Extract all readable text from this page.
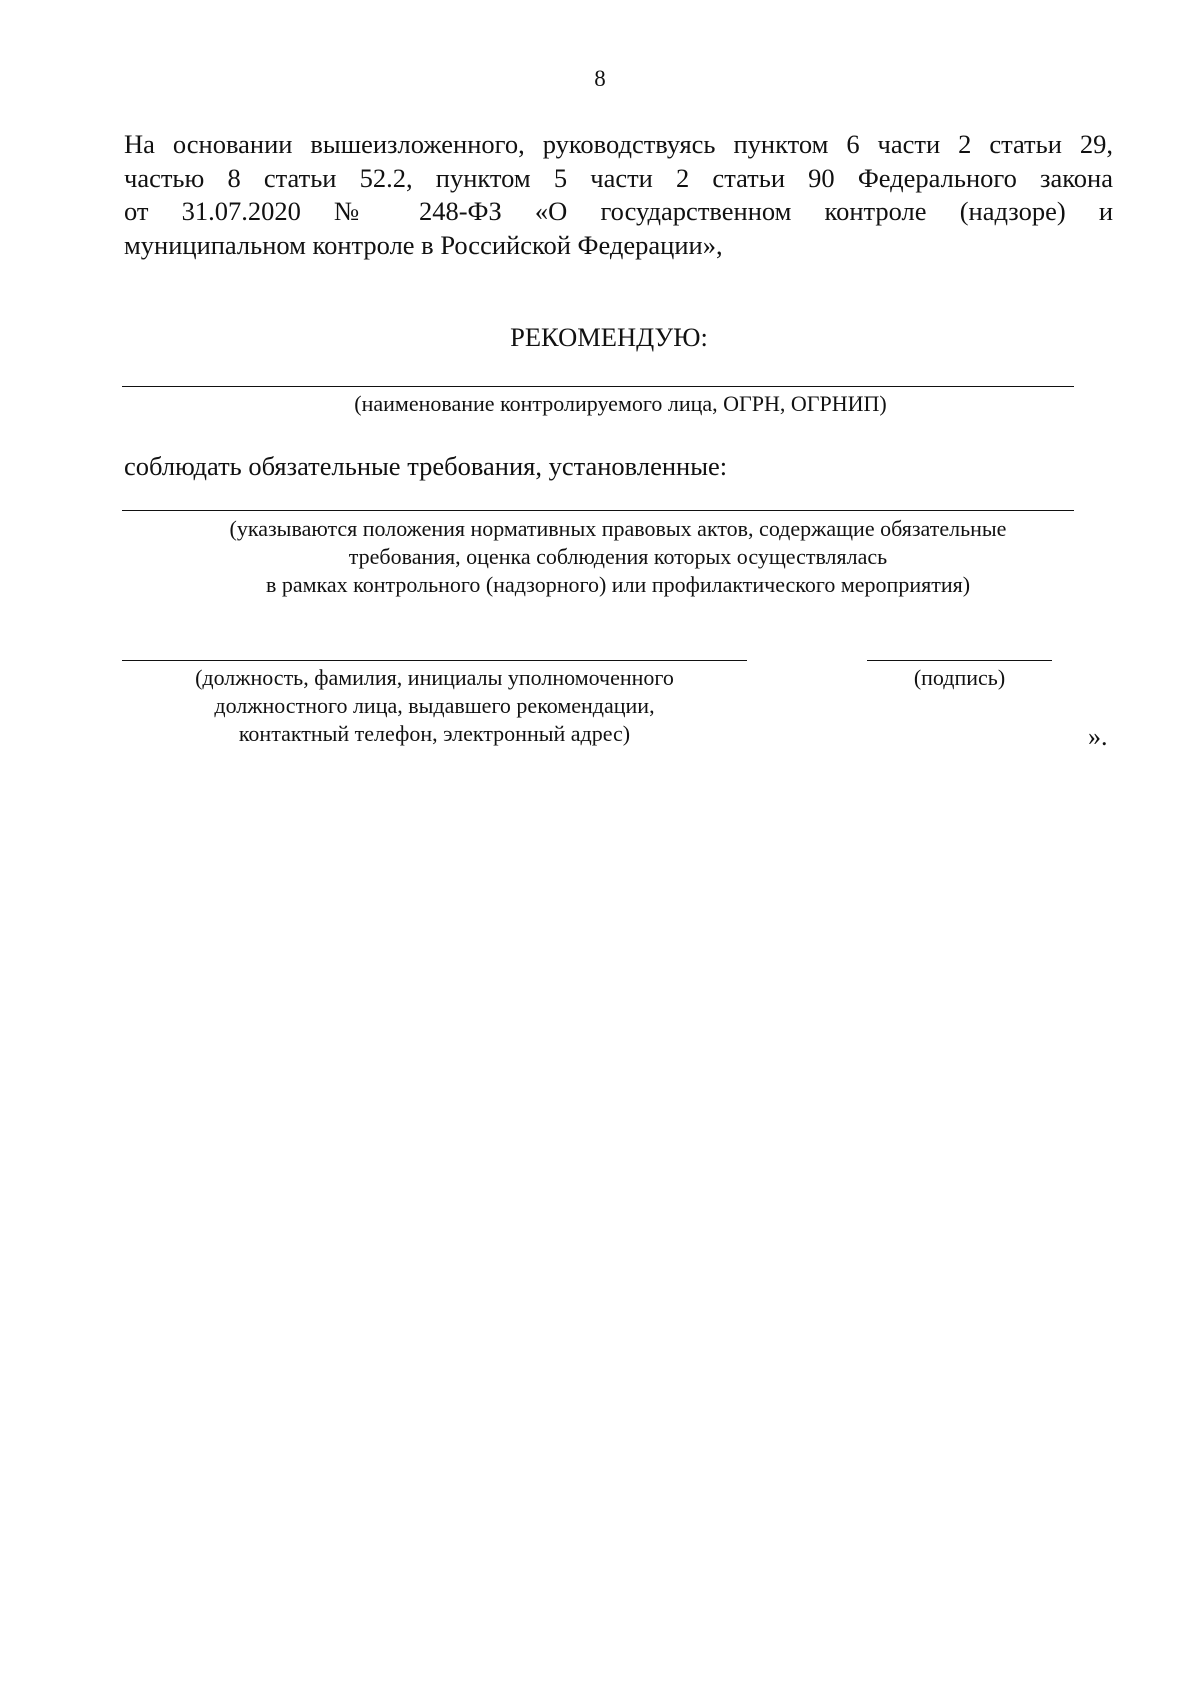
8
На основании вышеизложенного, руководствуясь пунктом 6 части 2 статьи 29,
частью 8 статьи 52.2, пунктом 5 части 2 статьи 90 Федерального закона
от 31.07.2020 № 248-ФЗ «О государственном контроле (надзоре) и
муниципальном контроле в Российской Федерации»,
РЕКОМЕНДУЮ:
(наименование контролируемого лица, ОГРН, ОГРНИП)
соблюдать обязательные требования, установленные:
(указываются положения нормативных правовых актов, содержащие обязательные
требования, оценка соблюдения которых осуществлялась
в рамках контрольного (надзорного) или профилактического мероприятия)
(должность, фамилия, инициалы уполномоченного
должностного лица, выдавшего рекомендации,
контактный телефон, электронный адрес)
(подпись)
».
